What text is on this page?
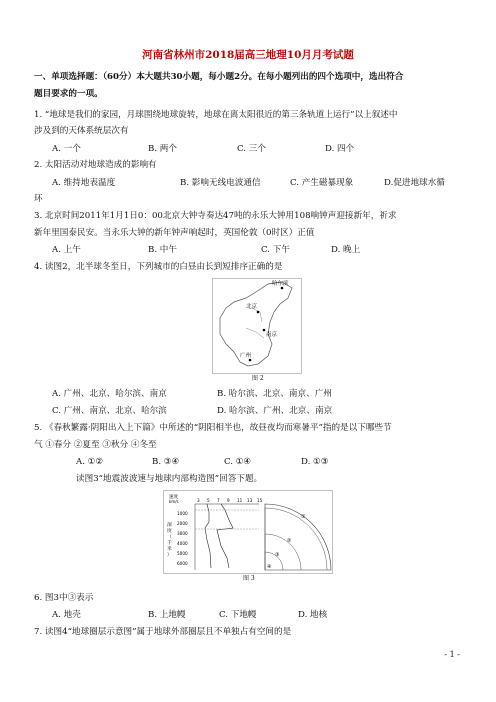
河南省林州市2018届高三地理10月月考试题
一、单项选择题：（60分）本大题共30小题，每小题2分。在每小题列出的四个选项中，选出符合
题目要求的一项。
1. “地球是我们的家园，月球围绕地球旋转，地球在离太阳很近的第三条轨道上运行”以上叙述中
涉及到的天体系统层次有
A. 一个	B. 两个	C. 三个	D. 四个
2. 太阳活动对地球造成的影响有
A. 维持地表温度	B. 影响无线电波通信	C. 产生磁暴现象	D.促进地球水循
环
3. 北京时间2011年1月1日0：00北京大钟寺奏达47吨的永乐大钟用108响钟声迎接新年，祈求
新年里国泰民安。当永乐大钟的新年钟声响起时，英国伦敦（0时区）正值
A. 上午	B. 中午	C. 下午	D. 晚上
4. 读图2，北半球冬至日，下列城市的白昼由长到短排序正确的是
哈尔滨
北京
南京
广州
图 2
A. 广州、北京、哈尔滨、南京	B. 哈尔滨、北京、南京、广州
C. 广州、南京、北京、哈尔滨	D. 哈尔滨、广州、北京、南京
5. 《春秋繁露·阴阳出入上下篇》中所述的“阴阳相半也，故昼夜均而寒暑平”指的是以下哪些节
气 ①春分 ②夏至 ③秋分 ④冬至
A. ①②	B. ③④	C. ①④	D. ①③
读图3“地震波波速与地球内部构造图”回答下题。
速度
km/s	3 5 7 9 11 13 15
1000
2000
3000
4000
5000
6000
深
度
（
千
米
）
①
②
③
④
图 3
6. 图3中③表示
A. 地壳	B. 上地幔	C. 下地幔	D. 地核
7. 读图4“地球圈层示意图”属于地球外部圈层且不单独占有空间的是
- 1 -
